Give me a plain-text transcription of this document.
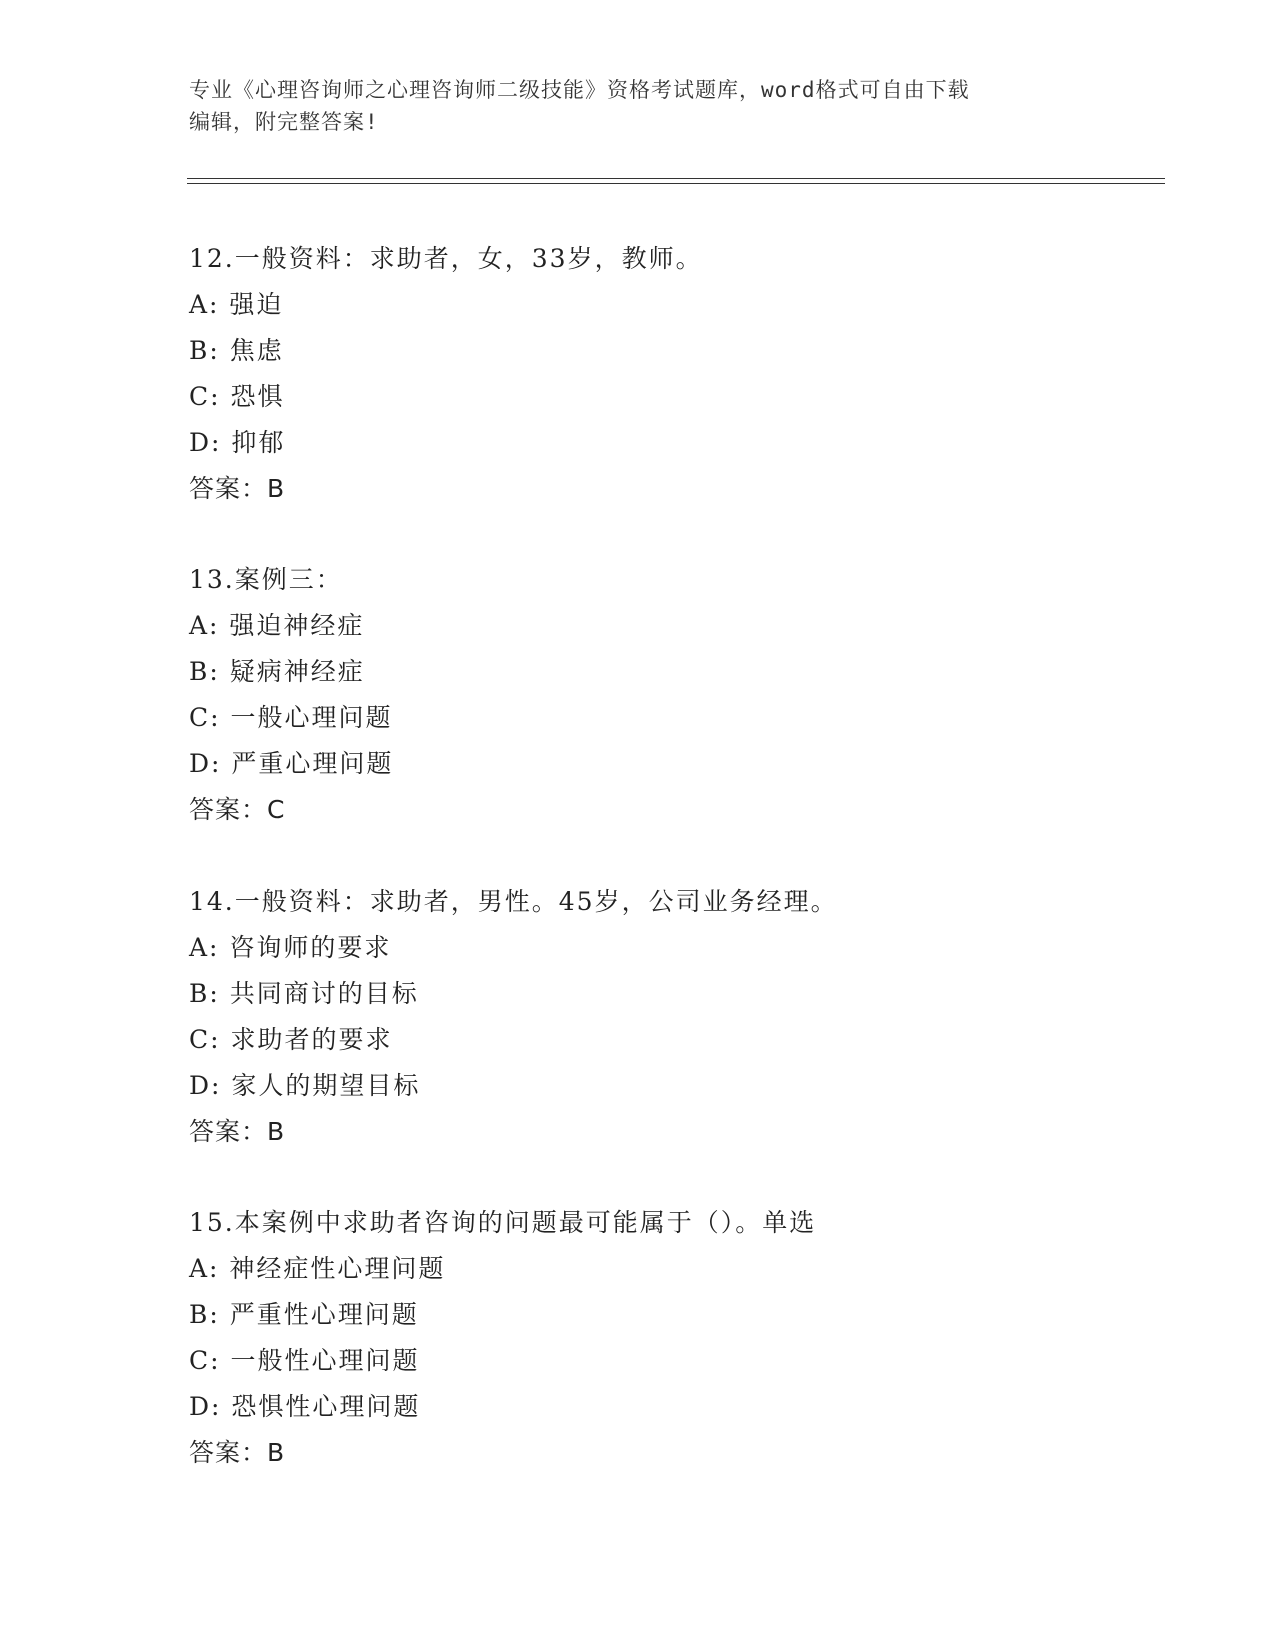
专业《心理咨询师之心理咨询师二级技能》资格考试题库，word格式可自由下载
编辑，附完整答案!
12.一般资料：求助者，女，33岁，教师。
A: 强迫
B: 焦虑
C: 恐惧
D: 抑郁
答案：B
13.案例三：
A: 强迫神经症
B: 疑病神经症
C: 一般心理问题
D: 严重心理问题
答案：C
14.一般资料：求助者，男性。45岁，公司业务经理。
A: 咨询师的要求
B: 共同商讨的目标
C: 求助者的要求
D: 家人的期望目标
答案：B
15.本案例中求助者咨询的问题最可能属于（）。单选
A: 神经症性心理问题
B: 严重性心理问题
C: 一般性心理问题
D: 恐惧性心理问题
答案：B
